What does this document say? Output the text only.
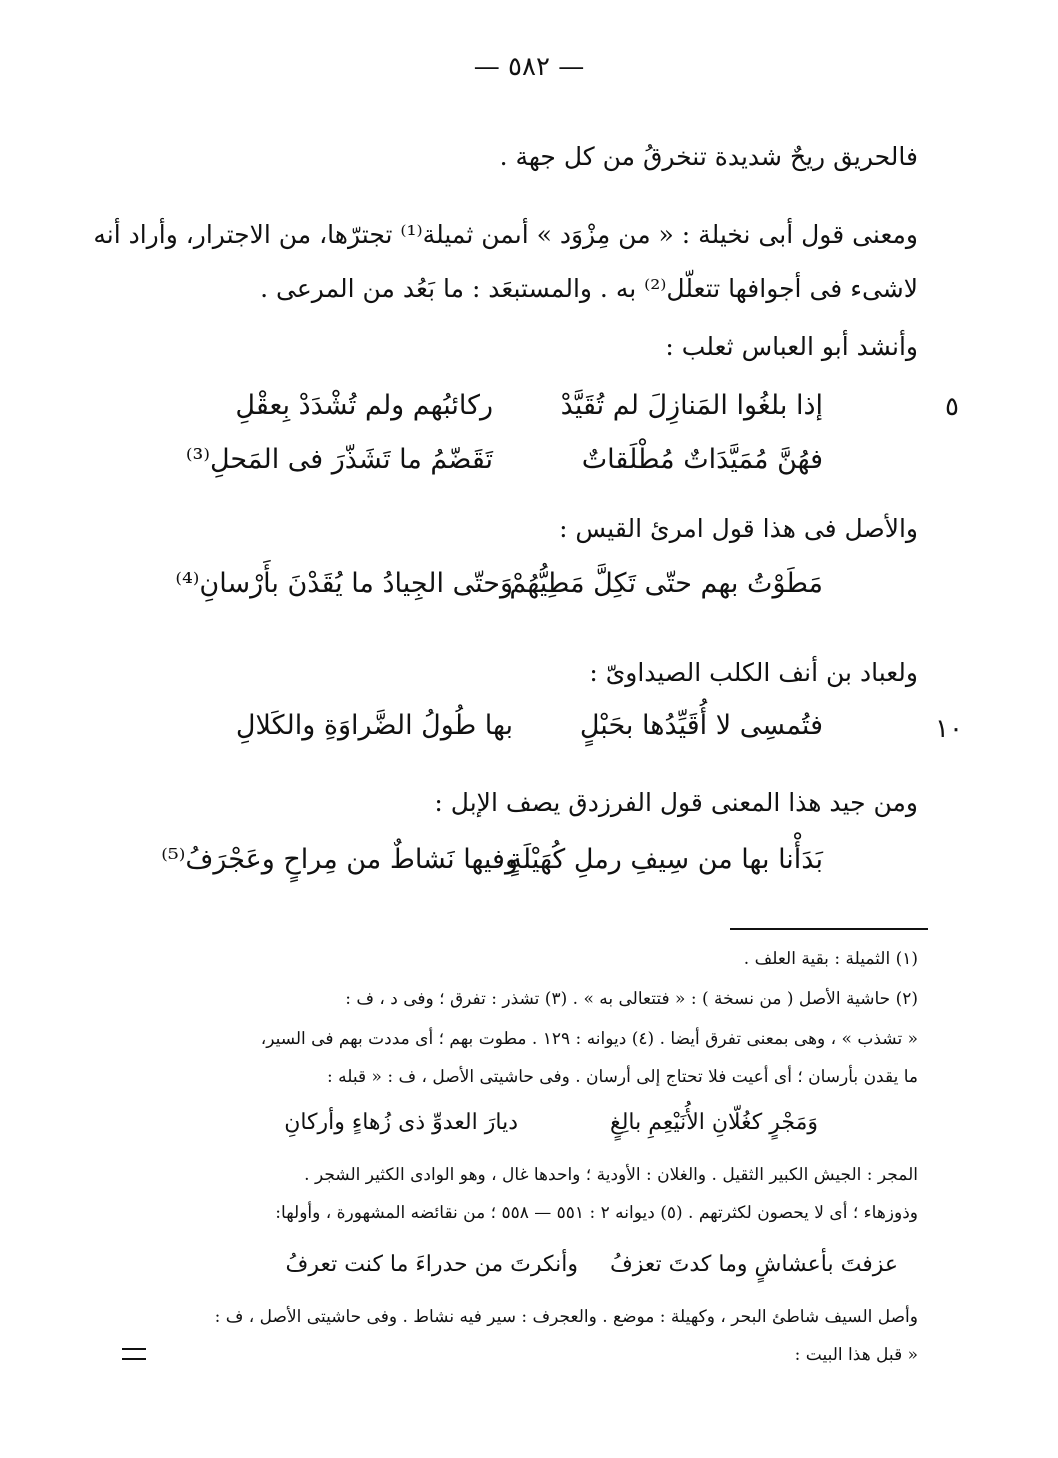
— ٥٨٢ —
فالحريق ريحٌ شديدة تنخرقُ من كل جهة .
ومعنى قول أبى نخيلة : « من مِزْوَد » أىمن ثميلة⁽¹⁾ تجترّها، من الاجترار، وأراد أنه
لاشىء فى أجوافها تتعلّل⁽²⁾ به . والمستبعَد : ما بَعُد من المرعى .
وأنشد أبو العباس ثعلب :
٥
إذا بلغُوا المَنازِلَ لم تُقَيَّدْ
ركائبُهم ولم تُشْدَدْ بِعقْلِ
فهُنَّ مُمَيَّدَاتٌ مُطْلَقاتٌ
تَقَضّمُ ما تَشَذّرَ فى المَحلِ⁽³⁾
والأصل فى هذا قول امرئ القيس :
مَطَوْتُ بهم حتّى تَكِلَّ مَطِيُّهُمْ
وَحتّى الجِيادُ ما يُقَدْنَ بأَرْسانِ⁽⁴⁾
ولعباد بن أنف الكلب الصيداوىّ :
١٠
فتُمسِى لا أُقَيِّدُها بحَبْلٍ
بها طُولُ الضَّراوَةِ والكَلالِ
ومن جيد هذا المعنى قول الفرزدق يصف الإبل :
بَدَأْنا بها من سِيفِ رملِ كُهَيْلَةٍ
وفيها نَشاطٌ من مِراحٍ وعَجْرَفُ⁽⁵⁾
(١) الثميلة : بقية العلف .
(٢) حاشية الأصل ( من نسخة ) : « فتتعالى به » . (٣) تشذر : تفرق ؛ وفى د ، ف :
« تشذب » ، وهى بمعنى تفرق أيضا . (٤) ديوانه : ١٢٩ . مطوت بهم ؛ أى مددت بهم فى السير،
ما يقدن بأرسان ؛ أى أعيت فلا تحتاج إلى أرسان . وفى حاشيتى الأصل ، ف : « قبله :
وَمَجْرٍ كغُلّانِ الأُنَيْعِمِ بالِغٍ
ديارَ العدوِّ ذى زُهاءٍ وأركانِ
المجر : الجيش الكبير الثقيل . والغلان : الأودية ؛ واحدها غال ، وهو الوادى الكثير الشجر .
وذوزهاء ؛ أى لا يحصون لكثرتهم . (٥) ديوانه ٢ : ٥٥١ — ٥٥٨ ؛ من نقائضه المشهورة ، وأولها:
عزفتَ بأعشاشٍ وما كدتَ تعزفُ
وأنكرتَ من حدراءَ ما كنت تعرفُ
وأصل السيف شاطئ البحر ، وكهيلة : موضع . والعجرف : سير فيه نشاط . وفى حاشيتى الأصل ، ف :
« قبل هذا البيت :
